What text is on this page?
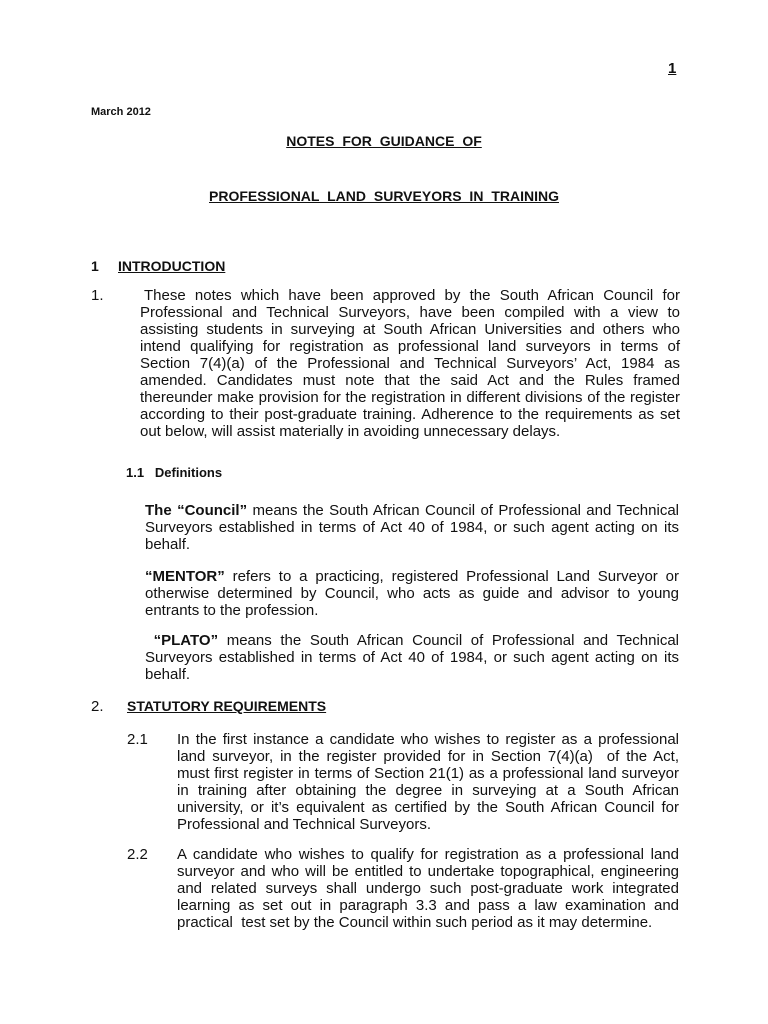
1
March 2012
NOTES FOR GUIDANCE OF
PROFESSIONAL LAND SURVEYORS IN TRAINING
1 INTRODUCTION
1.	These notes which have been approved by the South African Council for Professional and Technical Surveyors, have been compiled with a view to assisting students in surveying at South African Universities and others who intend qualifying for registration as professional land surveyors in terms of Section 7(4)(a) of the Professional and Technical Surveyors’ Act, 1984 as amended. Candidates must note that the said Act and the Rules framed thereunder make provision for the registration in different divisions of the register according to their post-graduate training. Adherence to the requirements as set out below, will assist materially in avoiding unnecessary delays.

1.1 Definitions

The “Council” means the South African Council of Professional and Technical Surveyors established in terms of Act 40 of 1984, or such agent acting on its behalf.

“MENTOR” refers to a practicing, registered Professional Land Surveyor or otherwise determined by Council, who acts as guide and advisor to young entrants to the profession.

“PLATO” means the South African Council of Professional and Technical Surveyors established in terms of Act 40 of 1984, or such agent acting on its behalf.

2. STATUTORY REQUIREMENTS
2.1 In the first instance a candidate who wishes to register as a professional land surveyor, in the register provided for in Section 7(4)(a)  of the Act, must first register in terms of Section 21(1) as a professional land surveyor in training after obtaining the degree in surveying at a South African university, or it’s equivalent as certified by the South African Council for Professional and Technical Surveyors.

2.2 A candidate who wishes to qualify for registration as a professional land surveyor and who will be entitled to undertake topographical, engineering and related surveys shall undergo such post-graduate work integrated learning as set out in paragraph 3.3 and pass a law examination and practical  test set by the Council within such period as it may determine.
